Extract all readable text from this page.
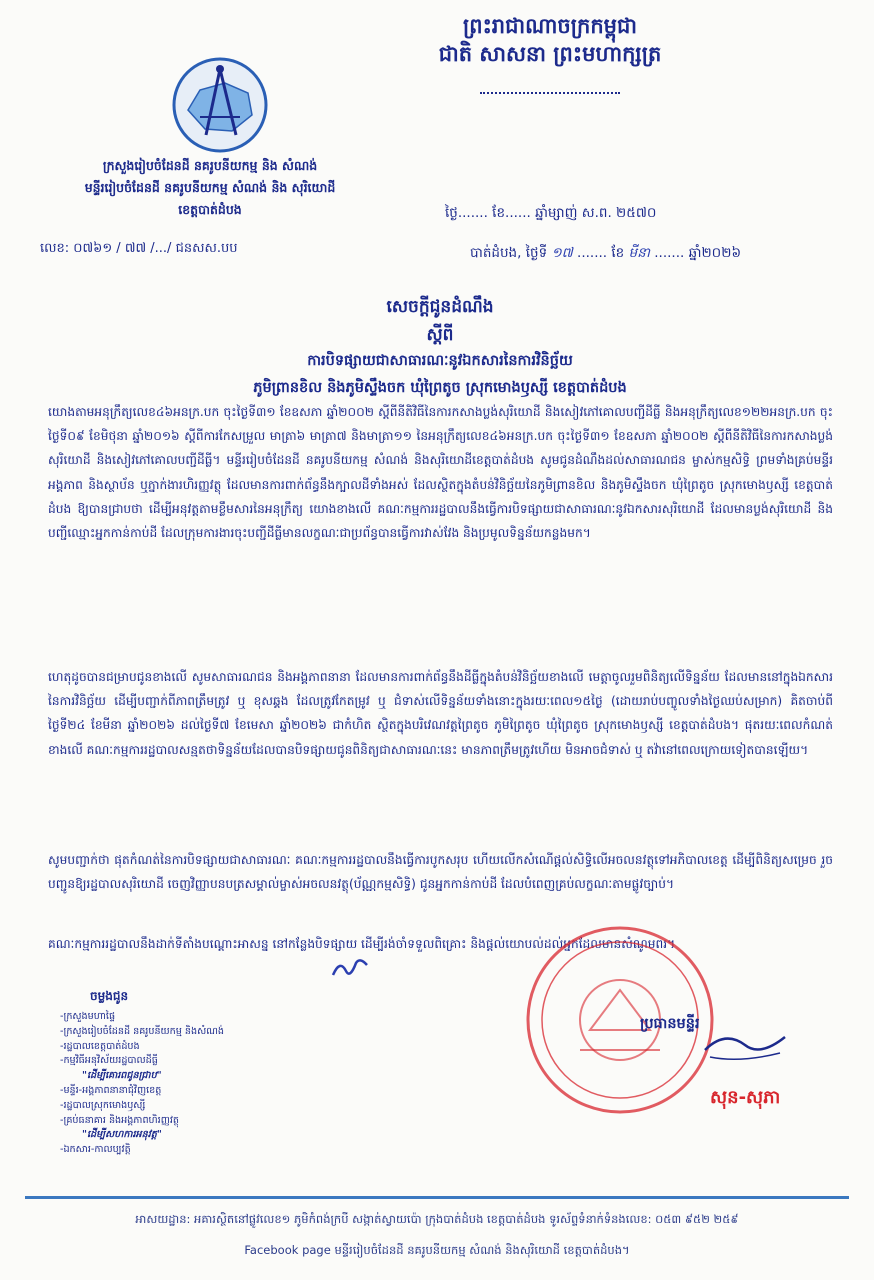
ព្រះរាជាណាចក្រកម្ពុជា
ជាតិ សាសនា ព្រះមហាក្សត្រ
ក្រសួងរៀបចំដែនដី នគរូបនីយកម្ម និង សំណង់
មន្ទីររៀបចំដែនដី នគរូបនីយកម្ម សំណង់ និង សុរិយោដី
ខេត្តបាត់ដំបង
លេខ: ០៧៦១ / ៧៧ /.../ ជនសស.បប
ថ្ងៃ....... ខែ...... ឆ្នាំម្សាញ់ ស.ព. ២៥៧០
បាត់ដំបង, ថ្ងៃទី ១៧ ....... ខែ មីនា ....... ឆ្នាំ២០២៦
សេចក្តីជូនដំណឹង
ស្តីពី
ការបិទផ្សាយជាសាធារណៈនូវឯកសារនៃការវិនិច្ឆ័យ
ភូមិព្រានខិល និងភូមិស្ទឹងចក ឃុំព្រៃតូច ស្រុកមោងឫស្សី ខេត្តបាត់ដំបង
យោងតាមអនុក្រឹត្យលេខ៤៦អនក្រ.បក ចុះថ្ងៃទី៣១ ខែឧសភា ឆ្នាំ២០០២ ស្តីពីនីតិវិធីនៃការកសាងប្លង់សុរិយោដី និងសៀវភៅគោលបញ្ជីដីធ្លី និងអនុក្រឹត្យលេខ១២២អនក្រ.បក ចុះថ្ងៃទី០៩ ខែមិថុនា ឆ្នាំ២០១៦ ស្តីពីការកែសម្រួល មាត្រា៦ មាត្រា៧ និងមាត្រា១១ នៃអនុក្រឹត្យលេខ៤៦អនក្រ.បក ចុះថ្ងៃទី៣១ ខែឧសភា ឆ្នាំ២០០២ ស្តីពីនីតិវិធីនៃការកសាងប្លង់សុរិយោដី និងសៀវភៅគោលបញ្ជីដីធ្លី។ មន្ទីររៀបចំដែនដី នគរូបនីយកម្ម សំណង់ និងសុរិយោដីខេត្តបាត់ដំបង សូមជូនដំណឹងដល់សាធារណជន ម្ចាស់កម្មសិទ្ធិ ព្រមទាំងគ្រប់មន្ទីរ អង្គភាព និងស្ថាប័ន ឬភ្នាក់ងារហិរញ្ញវត្ថុ ដែលមានការពាក់ព័ន្ធនឹងក្បាលដីទាំងអស់ ដែលស្ថិតក្នុងតំបន់វិនិច្ឆ័យនៃភូមិព្រានខិល និងភូមិស្ទឹងចក ឃុំព្រៃតូច ស្រុកមោងឫស្សី ខេត្តបាត់ដំបង ឱ្យបានជ្រាបថា ដើម្បីអនុវត្តតាមខ្លឹមសារនៃអនុក្រឹត្យ យោងខាងលើ គណៈកម្មការរដ្ឋបាលនឹងធ្វើការបិទផ្សាយជាសាធារណៈនូវឯកសារសុរិយោដី ដែលមានប្លង់សុរិយោដី និងបញ្ជីឈ្មោះអ្នកកាន់កាប់ដី ដែលក្រុមការងារចុះបញ្ជីដីធ្លីមានលក្ខណៈជាប្រព័ន្ធបានធ្វើការវាស់វែង និងប្រមូលទិន្នន័យកន្លងមក។
ហេតុដូចបានជម្រាបជូនខាងលើ សូមសាធារណជន និងអង្គភាពនានា ដែលមានការពាក់ព័ន្ធនឹងដីធ្លីក្នុងតំបន់វិនិច្ឆ័យខាងលើ មេត្តាចូលរួមពិនិត្យលើទិន្នន័យ ដែលមាននៅក្នុងឯកសារនៃការវិនិច្ឆ័យ ដើម្បីបញ្ជាក់ពីភាពត្រឹមត្រូវ ឬ ខុសឆ្គង ដែលត្រូវកែតម្រូវ ឬ ជំទាស់លើទិន្នន័យទាំងនោះក្នុងរយៈពេល១៥ថ្ងៃ (ដោយរាប់បញ្ចូលទាំងថ្ងៃឈប់សម្រាក) គិតចាប់ពីថ្ងៃទី២៤ ខែមីនា ឆ្នាំ២០២៦ ដល់ថ្ងៃទី៧ ខែមេសា ឆ្នាំ២០២៦ ជាកំហិត ស្ថិតក្នុងបរិវេណវត្តព្រៃតូច ភូមិព្រៃតូច ឃុំព្រៃតូច ស្រុកមោងឫស្សី ខេត្តបាត់ដំបង។ ផុតរយៈពេលកំណត់ ខាងលើ គណៈកម្មការរដ្ឋបាលសន្មតថាទិន្នន័យដែលបានបិទផ្សាយជូនពិនិត្យជាសាធារណៈនេះ មានភាពត្រឹមត្រូវហើយ មិនអាចជំទាស់ ឬ តវ៉ានៅពេលក្រោយទៀតបានឡើយ។
សូមបញ្ជាក់ថា ផុតកំណត់នៃការបិទផ្សាយជាសាធារណៈ គណៈកម្មការរដ្ឋបាលនឹងធ្វើការបូកសរុប ហើយលើកសំណើផ្តល់សិទ្ធិលើអចលនវត្ថុទៅអភិបាលខេត្ត ដើម្បីពិនិត្យសម្រេច រួចបញ្ជូនឱ្យរដ្ឋបាលសុរិយោដី ចេញវិញ្ញាបនបត្រសម្គាល់ម្ចាស់អចលនវត្ថុ(ប័ណ្ណកម្មសិទ្ធិ) ជូនអ្នកកាន់កាប់ដី ដែលបំពេញគ្រប់លក្ខណៈតាមផ្លូវច្បាប់។
គណៈកម្មការរដ្ឋបាលនឹងដាក់ទីតាំងបណ្តោះអាសន្ន នៅកន្លែងបិទផ្សាយ ដើម្បីរង់ចាំទទួលពិគ្រោះ និងផ្តល់យោបល់ដល់អ្នកដែលមានសំណូមពរ។
ចម្លងជូន
-ក្រសួងមហាផ្ទៃ
-ក្រសួងរៀបចំដែនដី នគរូបនីយកម្ម និងសំណង់
-រដ្ឋបាលខេត្តបាត់ដំបង
-កម្មវិធីអនុវិស័យរដ្ឋបាលដីធ្លី
"ដើម្បីគោរពជូនជ្រាប"
-មន្ទីរ-អង្គភាពនានាជុំវិញខេត្ត
-រដ្ឋបាលស្រុកមោងឫស្សី
-គ្រប់ធនាគារ និងអង្គភាពហិរញ្ញវត្ថុ
"ដើម្បីសហការអនុវត្ត"
-ឯកសារ-កាលប្បវត្តិ
ប្រធានមន្ទីរ
សុន-សុភា
អាសយដ្ឋាន: អគារស្ថិតនៅផ្លូវលេខ១ ភូមិកំពង់ក្របី សង្កាត់ស្វាយប៉ោ ក្រុងបាត់ដំបង ខេត្តបាត់ដំបង ទូរស័ព្ទទំនាក់ទំនងលេខ: ០៥៣ ៩៥២ ២៥៩
Facebook page មន្ទីររៀបចំដែនដី នគរូបនីយកម្ម សំណង់ និងសុរិយោដី ខេត្តបាត់ដំបង។
